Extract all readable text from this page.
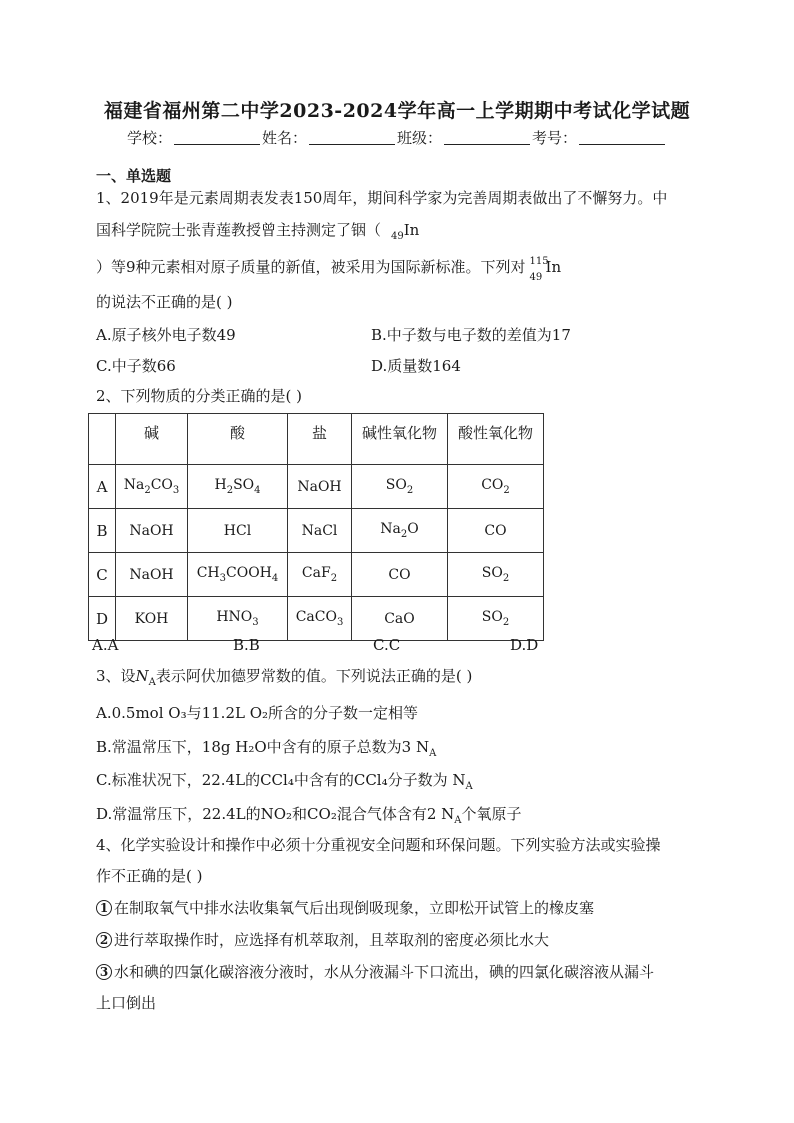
福建省福州第二中学2023-2024学年高一上学期期中考试化学试题
学校：	姓名：	班级：	考号：
一、单选题
1、2019年是元素周期表发表150周年，期间科学家为完善周期表做出了不懈努力。中
国科学院院士张青莲教授曾主持测定了铟（ $_{49}$In
）等9种元素相对原子质量的新值，被采用为国际新标准。下列对 115
49
In
的说法不正确的是( )
A.原子核外电子数49	B.中子数与电子数的差值为17
C.中子数66	D.质量数164
2、下列物质的分类正确的是( )
	碱	酸	盐	碱性氧化物	酸性氧化物
A	$Na_2CO_3$	$H_2SO_4$	NaOH	$SO_2$	$CO_2$
B	NaOH	HCl	NaCl	$Na_2O$	CO
C	NaOH	$CH_3COOH_4$	CaF$_2$	CO	$SO_2$
D	KOH	$HNO_3$	CaCO$_3$	CaO	$SO_2$
A.A	B.B	C.C	D.D
3、设$N_A$表示阿伏加德罗常数的值。下列说法正确的是( )
A.0.5mol O₃与11.2L O₂所含的分子数一定相等
B.常温常压下，18g H₂O中含有的原子总数为3 $N_A$
C.标准状况下，22.4L的CCl₄中含有的CCl₄分子数为 $N_A$
D.常温常压下，22.4L的NO₂和CO₂混合气体含有2 $N_A$个氧原子
4、化学实验设计和操作中必须十分重视安全问题和环保问题。下列实验方法或实验操
作不正确的是( )
1 在制取氧气中排水法收集氧气后出现倒吸现象，立即松开试管上的橡皮塞
2 进行萃取操作时，应选择有机萃取剂，且萃取剂的密度必须比水大
3 水和碘的四氯化碳溶液分液时，水从分液漏斗下口流出，碘的四氯化碳溶液从漏斗
上口倒出
